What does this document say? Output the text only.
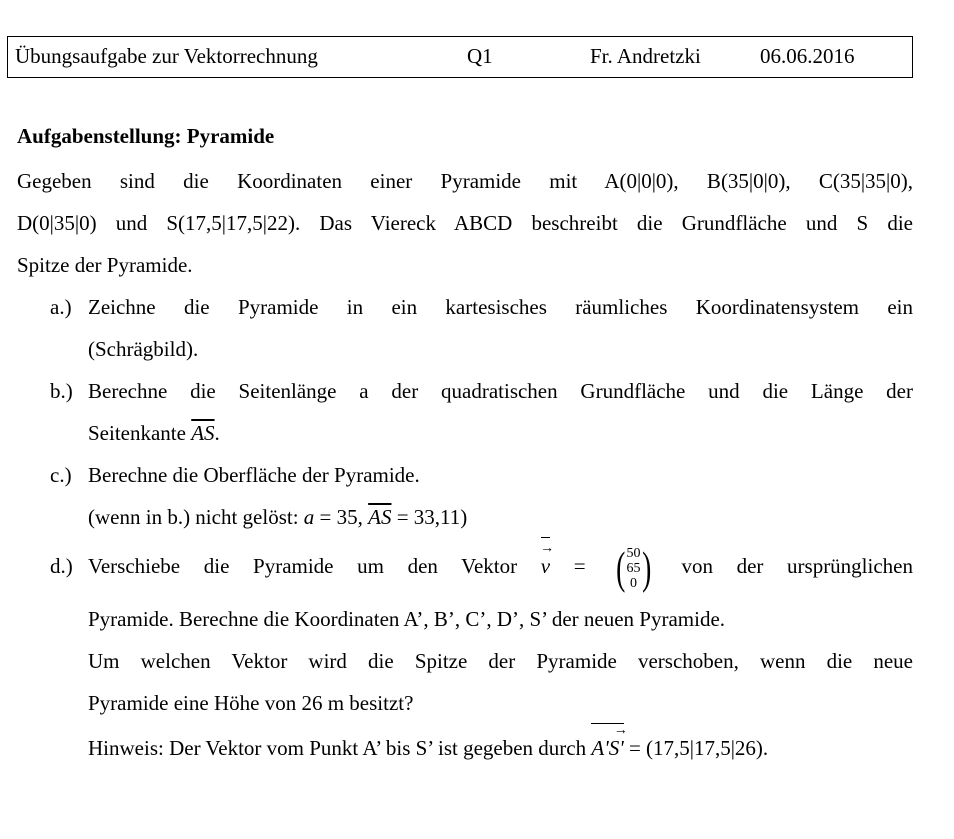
Übungsaufgabe zur Vektorrechnung	Q1	Fr. Andretzki	06.06.2016
Aufgabenstellung: Pyramide
Gegeben sind die Koordinaten einer Pyramide mit A(0|0|0), B(35|0|0), C(35|35|0),
D(0|35|0) und S(17,5|17,5|22). Das Viereck ABCD beschreibt die Grundfläche und S die
Spitze der Pyramide.
a.) Zeichne die Pyramide in ein kartesisches räumliches Koordinatensystem ein
(Schrägbild).
b.) Berechne die Seitenlänge a der quadratischen Grundfläche und die Länge der
Seitenkante $\overline{AS}$.
c.) Berechne die Oberfläche der Pyramide.
(wenn in b.) nicht gelöst: a = 35, $\overline{AS} = 33,11$)
d.) Verschiebe die Pyramide um den Vektor v → = ( 50
65
0 ) von der ursprünglichen
Pyramide. Berechne die Koordinaten A’, B’, C’, D’, S’ der neuen Pyramide.
Um welchen Vektor wird die Spitze der Pyramide verschoben, wenn die neue
Pyramide eine Höhe von 26 m besitzt?
Hinweis: Der Vektor vom Punkt A’ bis S’ ist gegeben durch A'S' → = (17,5|17,5|26).
